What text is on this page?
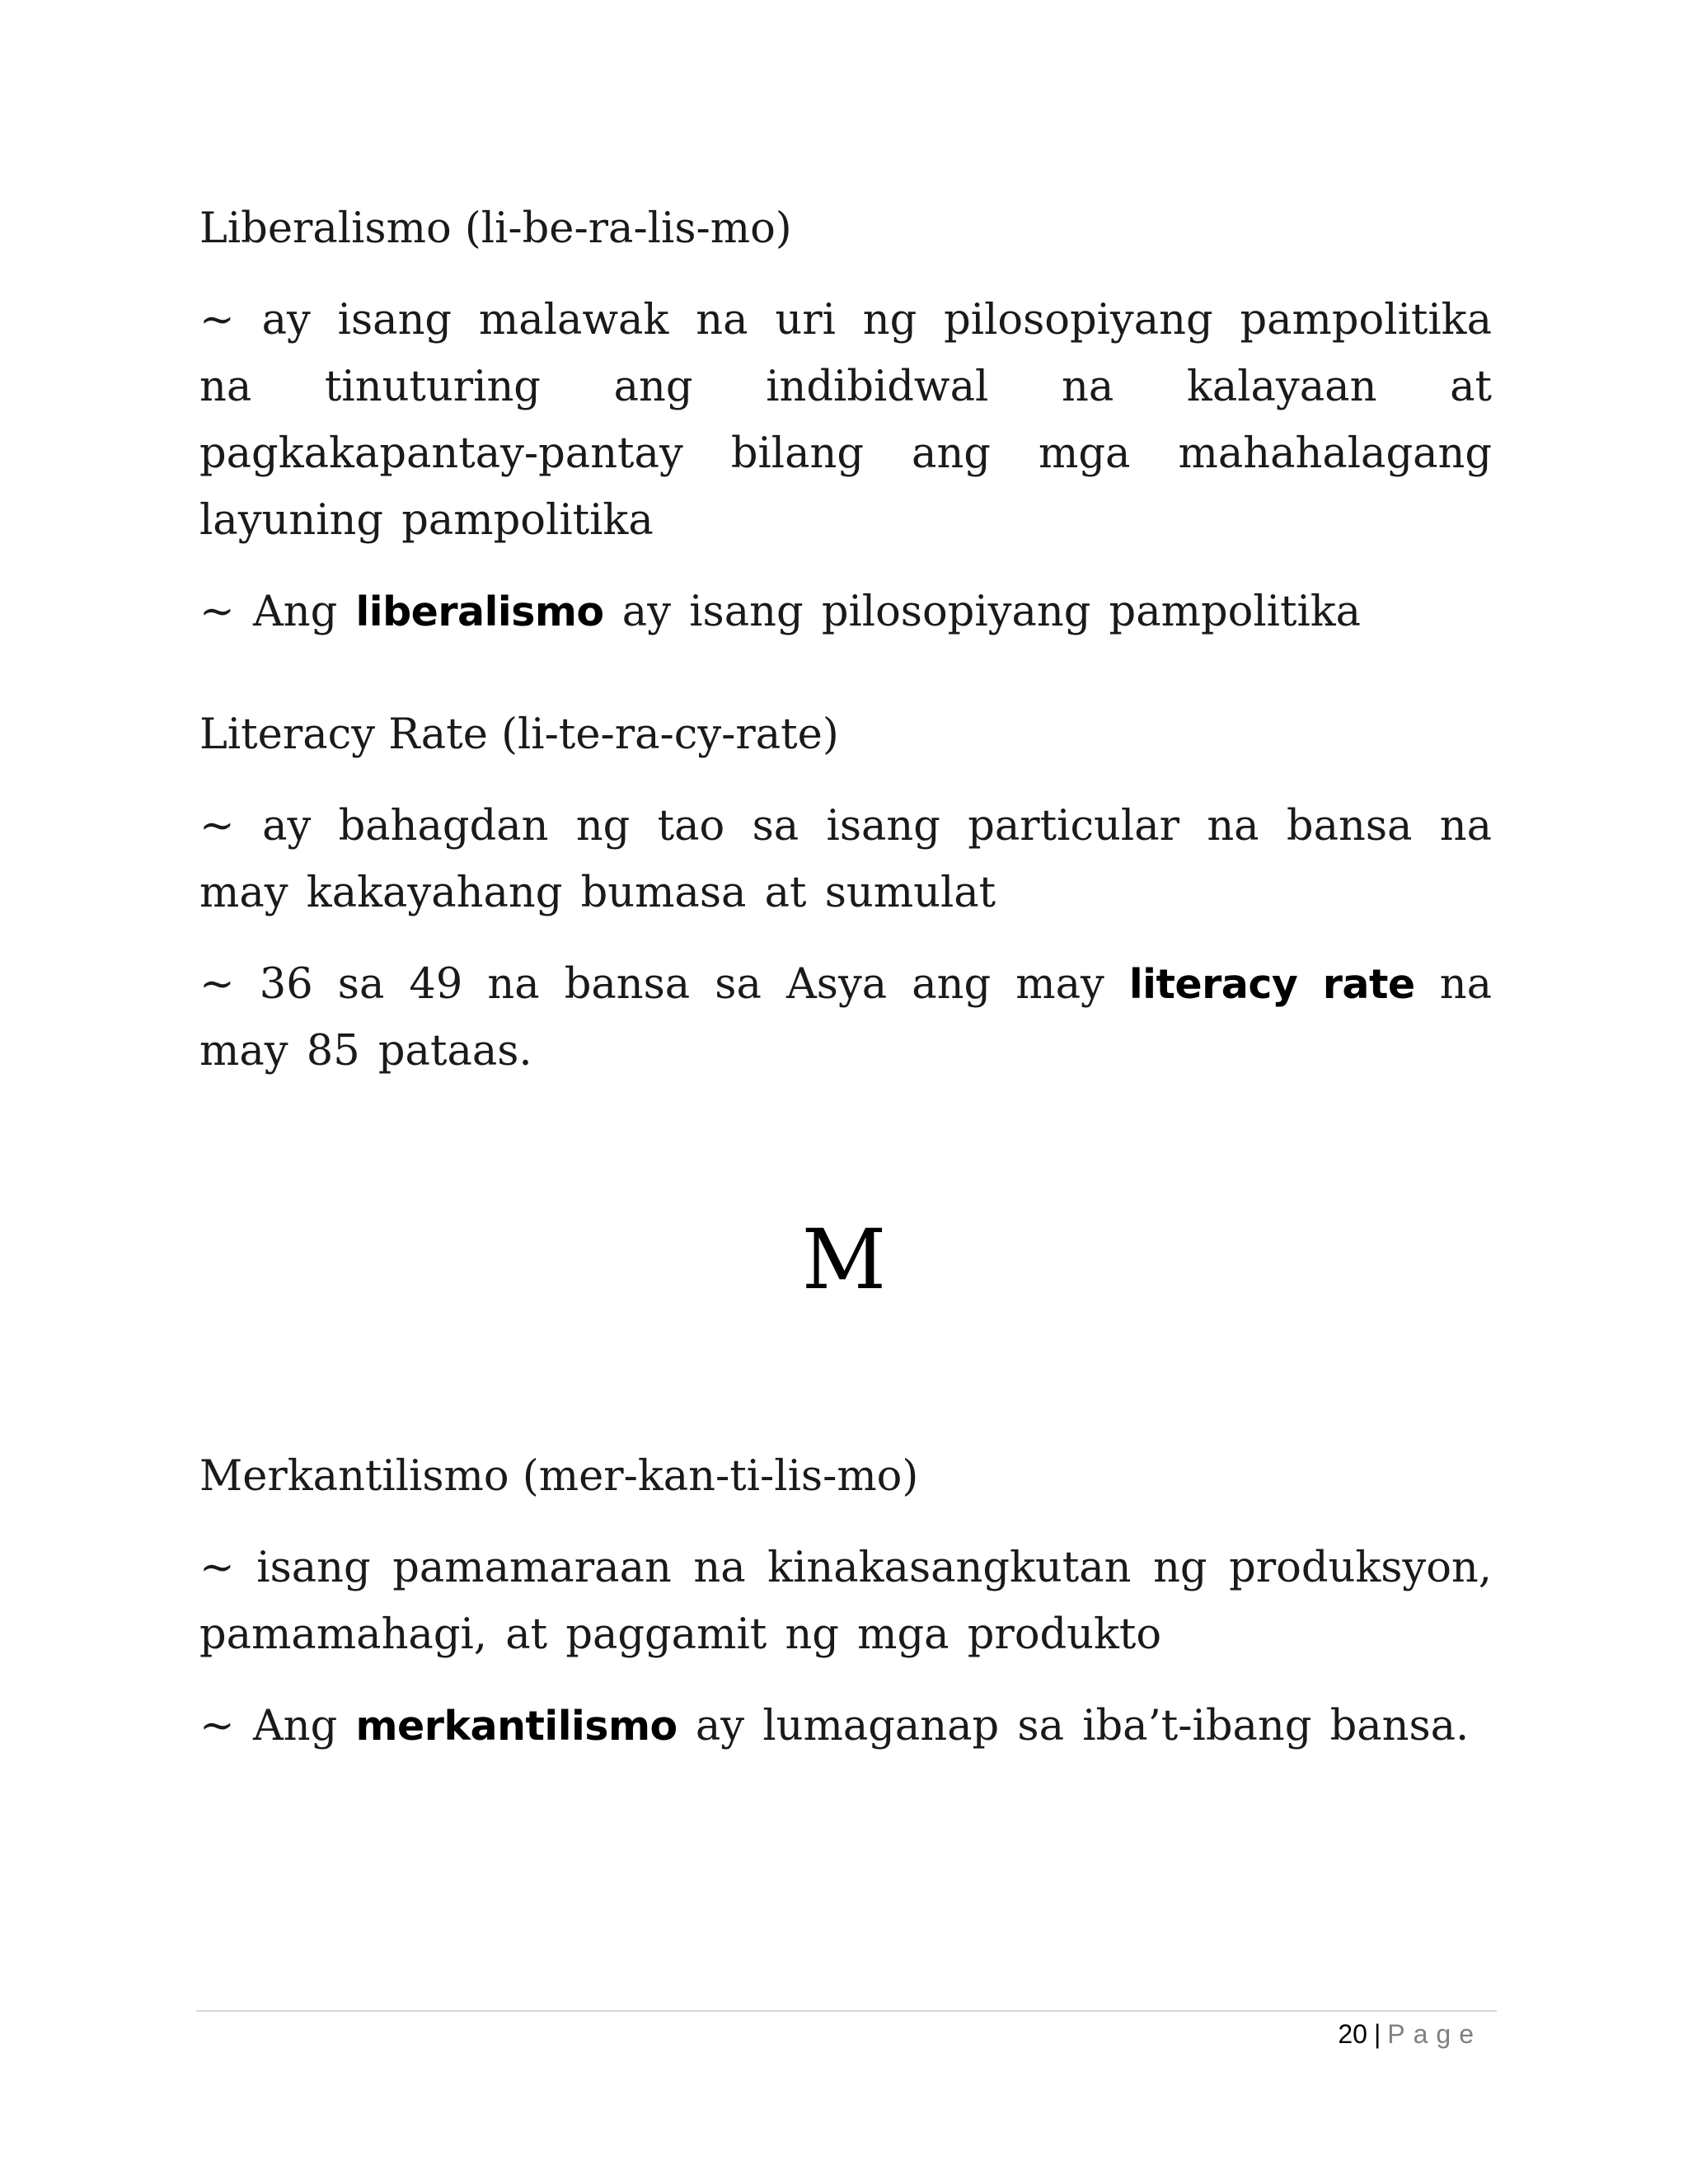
Liberalismo (li-be-ra-lis-mo)

~ ay isang malawak na uri ng pilosopiyang pampolitika na tinuturing ang indibidwal na kalayaan at pagkakapantay-pantay bilang ang mga mahahalagang layuning pampolitika

~ Ang liberalismo ay isang pilosopiyang pampolitika

Literacy Rate (li-te-ra-cy-rate)

~ ay bahagdan ng tao sa isang particular na bansa na may kakayahang bumasa at sumulat

~ 36 sa 49 na bansa sa Asya ang may literacy rate na may 85 pataas.

M

Merkantilismo (mer-kan-ti-lis-mo)

~ isang pamamaraan na kinakasangkutan ng produksyon, pamamahagi, at paggamit ng mga produkto

~ Ang merkantilismo ay lumaganap sa iba’t-ibang bansa.

20 | Page
